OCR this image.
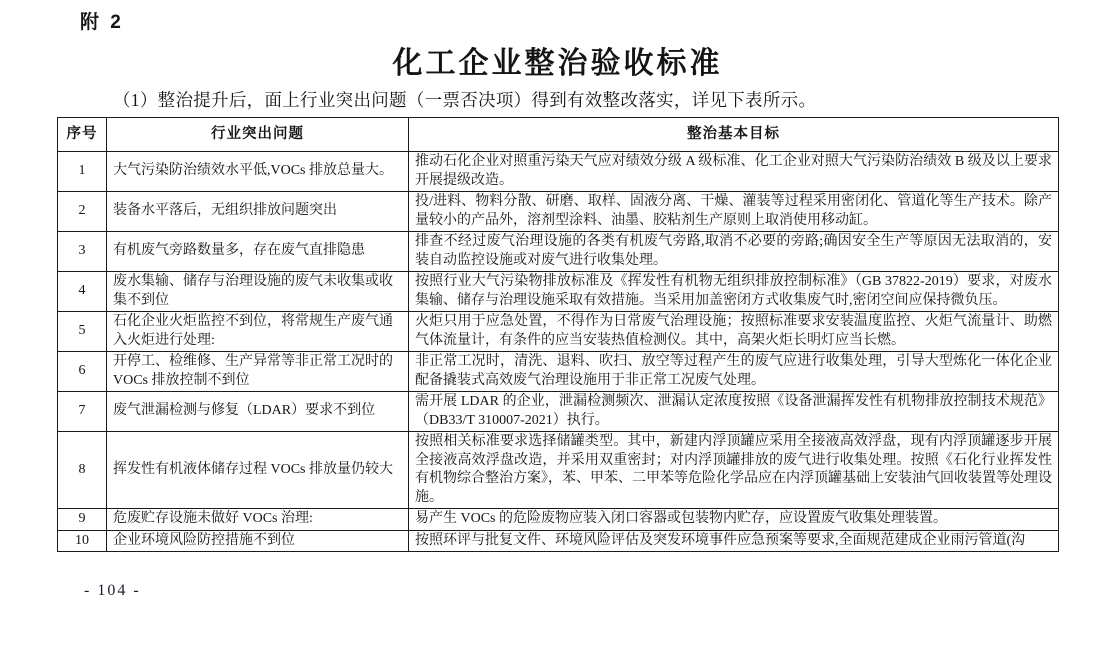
附 2
化工企业整治验收标准
（1）整治提升后，面上行业突出问题（一票否决项）得到有效整改落实，详见下表所示。
序号	行业突出问题	整治基本目标
1	大气污染防治绩效水平低,VOCs 排放总量大。	推动石化企业对照重污染天气应对绩效分级 A 级标准、化工企业对照大气污染防治绩效 B 级及以上要求开展提级改造。
2	装备水平落后，无组织排放问题突出	投/进料、物料分散、研磨、取样、固液分离、干燥、灌装等过程采用密闭化、管道化等生产技术。除产量较小的产品外，溶剂型涂料、油墨、胶粘剂生产原则上取消使用移动缸。
3	有机废气旁路数量多，存在废气直排隐患	排查不经过废气治理设施的各类有机废气旁路,取消不必要的旁路;确因安全生产等原因无法取消的，安装自动监控设施或对废气进行收集处理。
4	废水集输、储存与治理设施的废气未收集或收集不到位	按照行业大气污染物排放标准及《挥发性有机物无组织排放控制标准》（GB 37822-2019）要求，对废水集输、储存与治理设施采取有效措施。当采用加盖密闭方式收集废气时,密闭空间应保持微负压。
5	石化企业火炬监控不到位，将常规生产废气通入火炬进行处理:	火炬只用于应急处置，不得作为日常废气治理设施；按照标准要求安装温度监控、火炬气流量计、助燃气体流量计，有条件的应当安装热值检测仪。其中，高架火炬长明灯应当长燃。
6	开停工、检维修、生产异常等非正常工况时的 VOCs 排放控制不到位	非正常工况时，清洗、退料、吹扫、放空等过程产生的废气应进行收集处理，引导大型炼化一体化企业配备撬装式高效废气治理设施用于非正常工况废气处理。
7	废气泄漏检测与修复（LDAR）要求不到位	需开展 LDAR 的企业，泄漏检测频次、泄漏认定浓度按照《设备泄漏挥发性有机物排放控制技术规范》（DB33/T 310007-2021）执行。
8	挥发性有机液体储存过程 VOCs 排放量仍较大	按照相关标准要求选择储罐类型。其中，新建内浮顶罐应采用全接液高效浮盘，现有内浮顶罐逐步开展全接液高效浮盘改造，并采用双重密封；对内浮顶罐排放的废气进行收集处理。按照《石化行业挥发性有机物综合整治方案》，苯、甲苯、二甲苯等危险化学品应在内浮顶罐基础上安装油气回收装置等处理设施。
9	危废贮存设施未做好 VOCs 治理:	易产生 VOCs 的危险废物应装入闭口容器或包装物内贮存，应设置废气收集处理装置。
10	企业环境风险防控措施不到位	按照环评与批复文件、环境风险评估及突发环境事件应急预案等要求,全面规范建成企业雨污管道(沟
- 104 -
